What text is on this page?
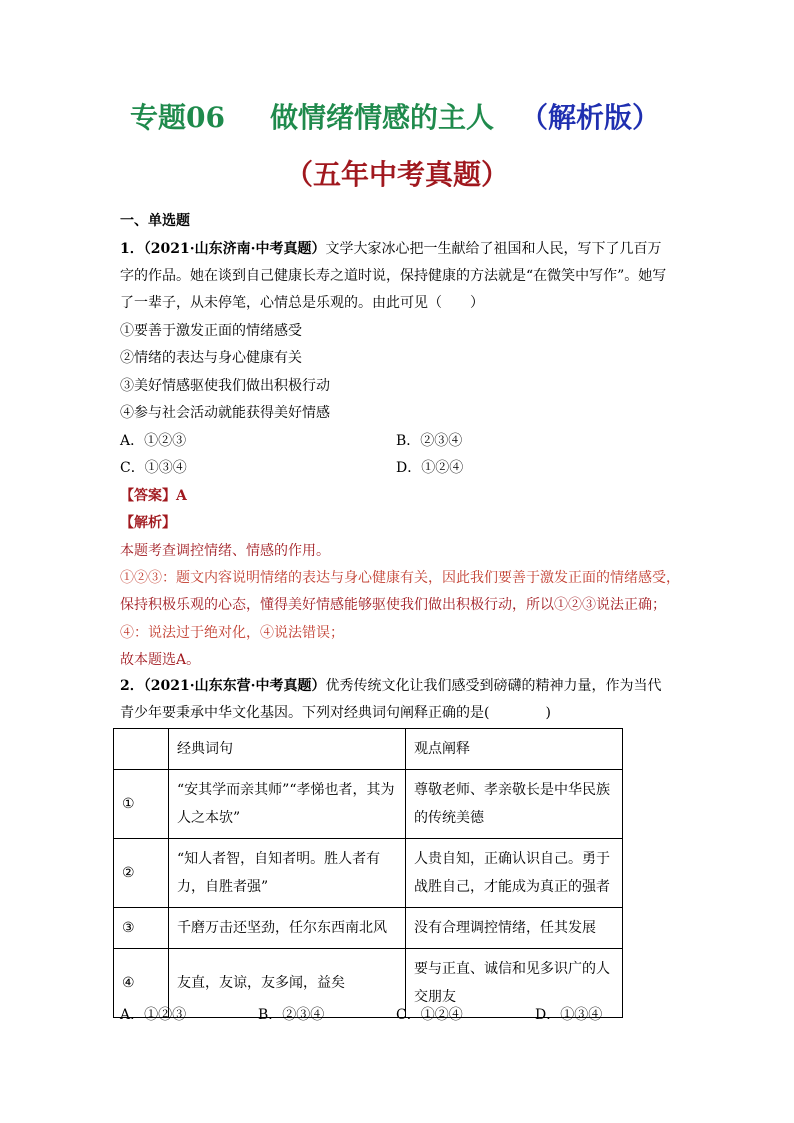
专题06 做情绪情感的主人 （解析版）
（五年中考真题）
一、单选题
1．（2021·山东济南·中考真题）文学大家冰心把一生献给了祖国和人民，写下了几百万
字的作品。她在谈到自己健康长寿之道时说，保持健康的方法就是“在微笑中写作”。她写
了一辈子，从未停笔，心情总是乐观的。由此可见（　　）
①要善于激发正面的情绪感受
②情绪的表达与身心健康有关
③美好情感驱使我们做出积极行动
④参与社会活动就能获得美好情感
A．①②③	B．②③④
C．①③④	D．①②④
【答案】A
【解析】
本题考查调控情绪、情感的作用。
①②③：题文内容说明情绪的表达与身心健康有关，因此我们要善于激发正面的情绪感受，
保持积极乐观的心态，懂得美好情感能够驱使我们做出积极行动，所以①②③说法正确；
④：说法过于绝对化，④说法错误；
故本题选A。
2．（2021·山东东营·中考真题）优秀传统文化让我们感受到磅礴的精神力量，作为当代
青少年要秉承中华文化基因。下列对经典词句阐释正确的是(　　　　)
	经典词句	观点阐释
①	“安其学而亲其师”“孝悌也者，其为人之本欤”	尊敬老师、孝亲敬长是中华民族的传统美德
②	“知人者智，自知者明。胜人者有力，自胜者强”	人贵自知，正确认识自己。勇于战胜自己，才能成为真正的强者
③	千磨万击还坚劲，任尔东西南北风	没有合理调控情绪，任其发展
④	友直，友谅，友多闻，益矣	要与正直、诚信和见多识广的人交朋友
A．①②③	B．②③④	C．①②④	D．①③④
